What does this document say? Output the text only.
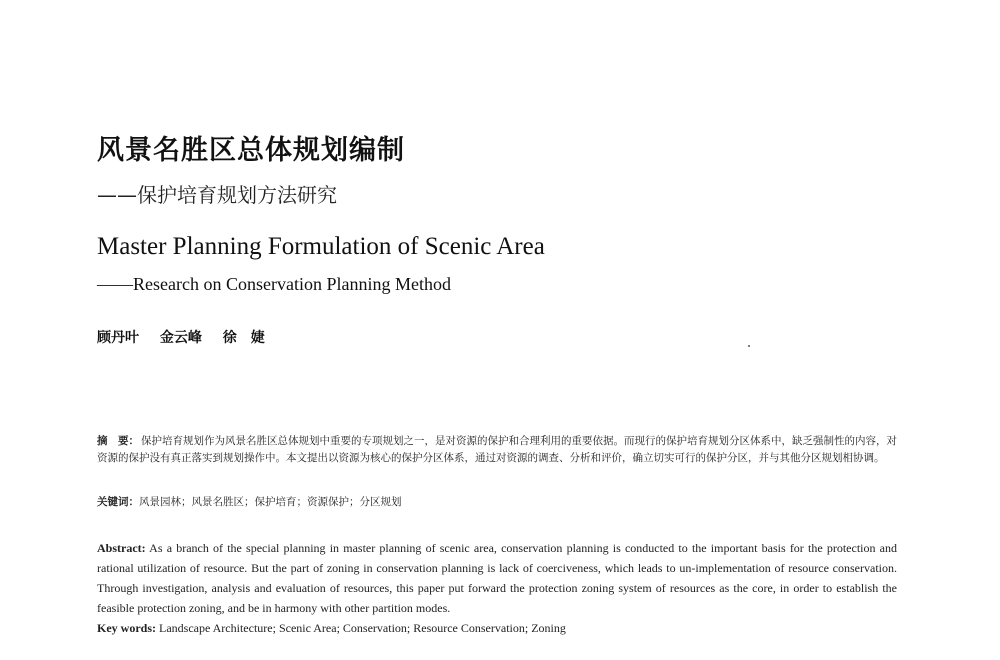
风景名胜区总体规划编制
——保护培育规划方法研究
Master Planning Formulation of Scenic Area
——Research on Conservation Planning Method
顾丹叶 金云峰 徐　婕
摘　要： 保护培育规划作为风景名胜区总体规划中重要的专项规划之一，是对资源的保护和合理利用的重要依据。而现行的保护培育规划分区体系中，缺乏强制性的内容，对资源的保护没有真正落实到规划操作中。本文提出以资源为核心的保护分区体系，通过对资源的调查、分析和评价，确立切实可行的保护分区，并与其他分区规划相协调。
关键词：风景园林；风景名胜区；保护培育；资源保护；分区规划
Abstract: As a branch of the special planning in master planning of scenic area, conservation planning is conducted to the important basis for the protection and rational utilization of resource. But the part of zoning in conservation planning is lack of coerciveness, which leads to un-implementation of resource conservation. Through investigation, analysis and evaluation of resources, this paper put forward the protection zoning system of resources as the core, in order to establish the feasible protection zoning, and be in harmony with other partition modes.
Key words: Landscape Architecture; Scenic Area; Conservation; Resource Conservation; Zoning
